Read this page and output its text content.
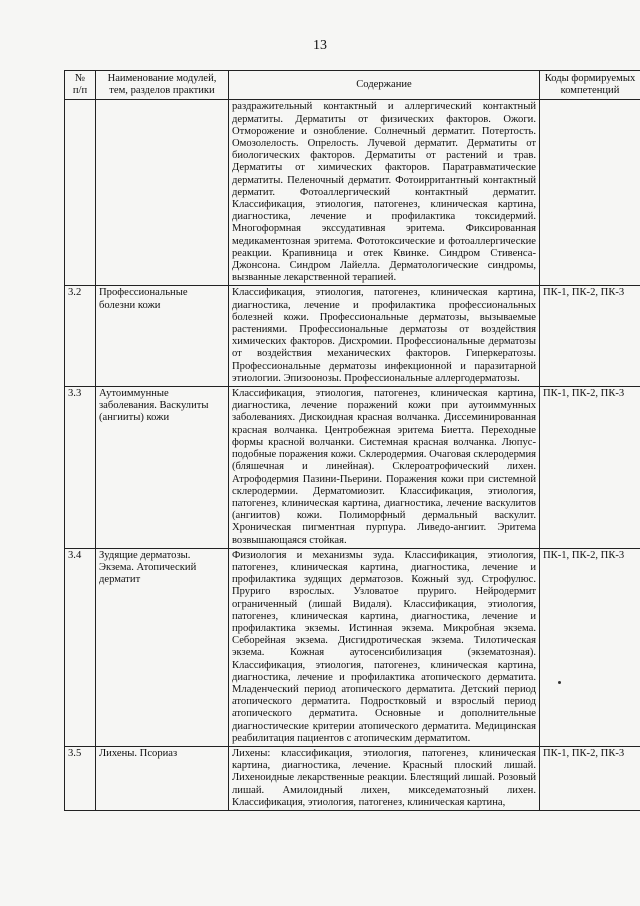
13
№
п/п	Наименование модулей, тем, разделов практики	Содержание	Коды формируемых компетенций
		раздражительный контактный и аллергический контактный дерматиты. Дерматиты от физических факторов. Ожоги. Отморожение и ознобление. Солнечный дерматит. Потертость. Омозолелость. Опрелость. Лучевой дерматит. Дерматиты от биологических факторов. Дерматиты от растений и трав. Дерматиты от химических факторов. Паратравматические дерматиты. Пеленочный дерматит. Фотоирритантный контактный дерматит. Фотоаллергический контактный дерматит. Классификация, этиология, патогенез, клиническая картина, диагностика, лечение и профилактика токсидермий. Многоформная экссудативная эритема. Фиксированная медикаментозная эритема. Фототоксические и фотоаллергические реакции. Крапивница и отек Квинке. Синдром Стивенса-Джонсона. Синдром Лайелла. Дерматологические синдромы, вызванные лекарственной терапией.	
3.2	Профессиональные болезни кожи	Классификация, этиология, патогенез, клиническая картина, диагностика, лечение и профилактика профессиональных болезней кожи. Профессиональные дерматозы, вызываемые растениями. Профессиональные дерматозы от воздействия химических факторов. Дисхромии. Профессиональные дерматозы от воздействия механических факторов. Гиперкератозы. Профессиональные дерматозы инфекционной и паразитарной этиологии. Эпизоонозы. Профессиональные аллергодерматозы.	ПК-1, ПК-2, ПК-3
3.3	Аутоиммунные заболевания. Васкулиты (ангииты) кожи	Классификация, этиология, патогенез, клиническая картина, диагностика, лечение поражений кожи при аутоиммунных заболеваниях. Дискоидная красная волчанка. Диссеминированная красная волчанка. Центробежная эритема Биетта. Переходные формы красной волчанки. Системная красная волчанка. Люпус-подобные поражения кожи. Склеродермия. Очаговая склеродермия (бляшечная и линейная). Склероатрофический лихен. Атрофодермия Пазини-Пьерини. Поражения кожи при системной склеродермии. Дерматомиозит. Классификация, этиология, патогенез, клиническая картина, диагностика, лечение васкулитов (ангиитов) кожи. Полиморфный дермальный васкулит. Хроническая пигментная пурпура. Ливедо-ангиит. Эритема возвышающаяся стойкая.	ПК-1, ПК-2, ПК-3
3.4	Зудящие дерматозы. Экзема. Атопический дерматит	Физиология и механизмы зуда. Классификация, этиология, патогенез, клиническая картина, диагностика, лечение и профилактика зудящих дерматозов. Кожный зуд. Строфулюс. Пруриго взрослых. Узловатое пруриго. Нейродермит ограниченный (лишай Видаля). Классификация, этиология, патогенез, клиническая картина, диагностика, лечение и профилактика экземы. Истинная экзема. Микробная экзема. Себорейная экзема. Дисгидротическая экзема. Тилотическая экзема. Кожная аутосенсибилизация (экзематозная). Классификация, этиология, патогенез, клиническая картина, диагностика, лечение и профилактика атопического дерматита. Младенческий период атопического дерматита. Детский период атопического дерматита. Подростковый и взрослый период атопического дерматита. Основные и дополнительные диагностические критерии атопического дерматита. Медицинская реабилитация пациентов с атопическим дерматитом.	ПК-1, ПК-2, ПК-3
3.5	Лихены. Псориаз	Лихены: классификация, этиология, патогенез, клиническая картина, диагностика, лечение. Красный плоский лишай. Лихеноидные лекарственные реакции. Блестящий лишай. Розовый лишай. Амилоидный лихен, микседематозный лихен. Классификация, этиология, патогенез, клиническая картина,	ПК-1, ПК-2, ПК-3
